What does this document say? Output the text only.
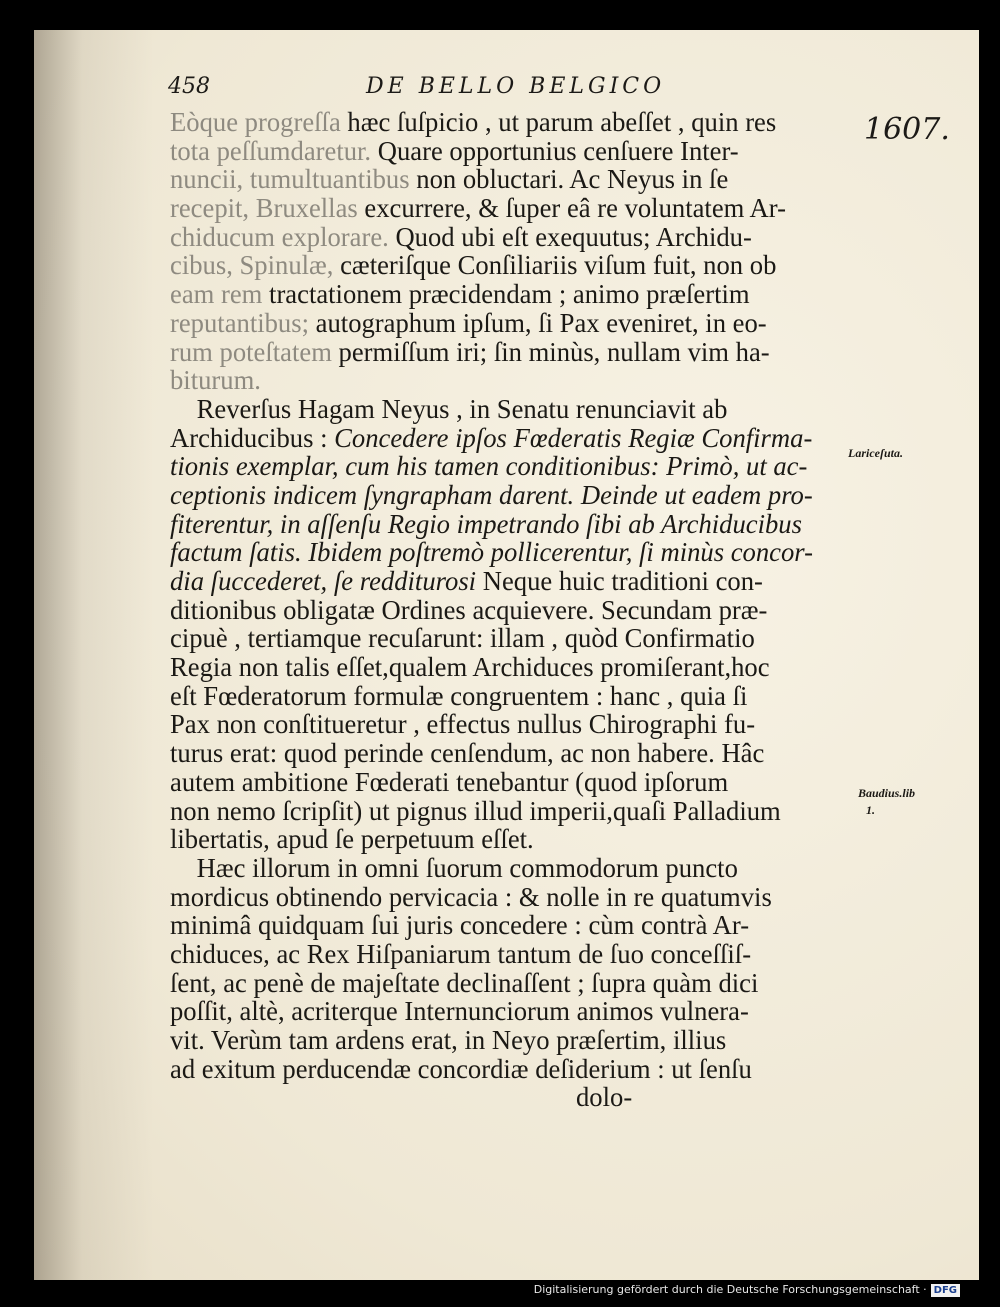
458	DE BELLO BELGICO
1607.
Eòque progreſſa hæc ſuſpicio , ut parum abeſſet , quin res
tota peſſumdaretur. Quare opportunius cenſuere Inter-
nuncii, tumultuantibus non obluctari. Ac Neyus in ſe
recepit, Bruxellas excurrere, & ſuper eâ re voluntatem Ar-
chiducum explorare. Quod ubi eſt exequutus; Archidu-
cibus, Spinulæ, cæteriſque Conſiliariis viſum fuit, non ob
eam rem tractationem præcidendam ; animo præſertim
reputantibus; autographum ipſum, ſi Pax eveniret, in eo-
rum poteſtatem permiſſum iri; ſin minùs, nullam vim ha-
biturum.
Reverſus Hagam Neyus , in Senatu renunciavit ab
Archiducibus : Concedere ipſos Fœderatis Regiæ Confirma-
tionis exemplar, cum his tamen conditionibus: Primò, ut ac-
ceptionis indicem ſyngrapham darent. Deinde ut eadem pro-
fiterentur, in aſſenſu Regio impetrando ſibi ab Archiducibus
factum ſatis. Ibidem poſtremò pollicerentur, ſi minùs concor-
dia ſuccederet, ſe redditurosi Neque huic traditioni con-
ditionibus obligatæ Ordines acquievere. Secundam præ-
cipuè , tertiamque recuſarunt: illam , quòd Confirmatio
Regia non talis eſſet,qualem Archiduces promiſerant,hoc
eſt Fœderatorum formulæ congruentem : hanc , quia ſi
Pax non conſtitueretur , effectus nullus Chirographi fu-
turus erat: quod perinde cenſendum, ac non habere. Hâc
autem ambitione Fœderati tenebantur (quod ipſorum
non nemo ſcripſit) ut pignus illud imperii,quaſi Palladium
libertatis, apud ſe perpetuum eſſet.
Hæc illorum in omni ſuorum commodorum puncto
mordicus obtinendo pervicacia : & nolle in re quatumvis
minimâ quidquam ſui juris concedere : cùm contrà Ar-
chiduces, ac Rex Hiſpaniarum tantum de ſuo conceſſiſ-
ſent, ac penè de majeſtate declinaſſent ; ſupra quàm dici
poſſit, altè, acriterque Internunciorum animos vulnera-
vit. Verùm tam ardens erat, in Neyo præſertim, illius
ad exitum perducendæ concordiæ deſiderium : ut ſenſu
dolo-
Lariceſuta.
Baudius.lib
1.
Digitalisierung gefördert durch die Deutsche Forschungsgemeinschaft · DFG
